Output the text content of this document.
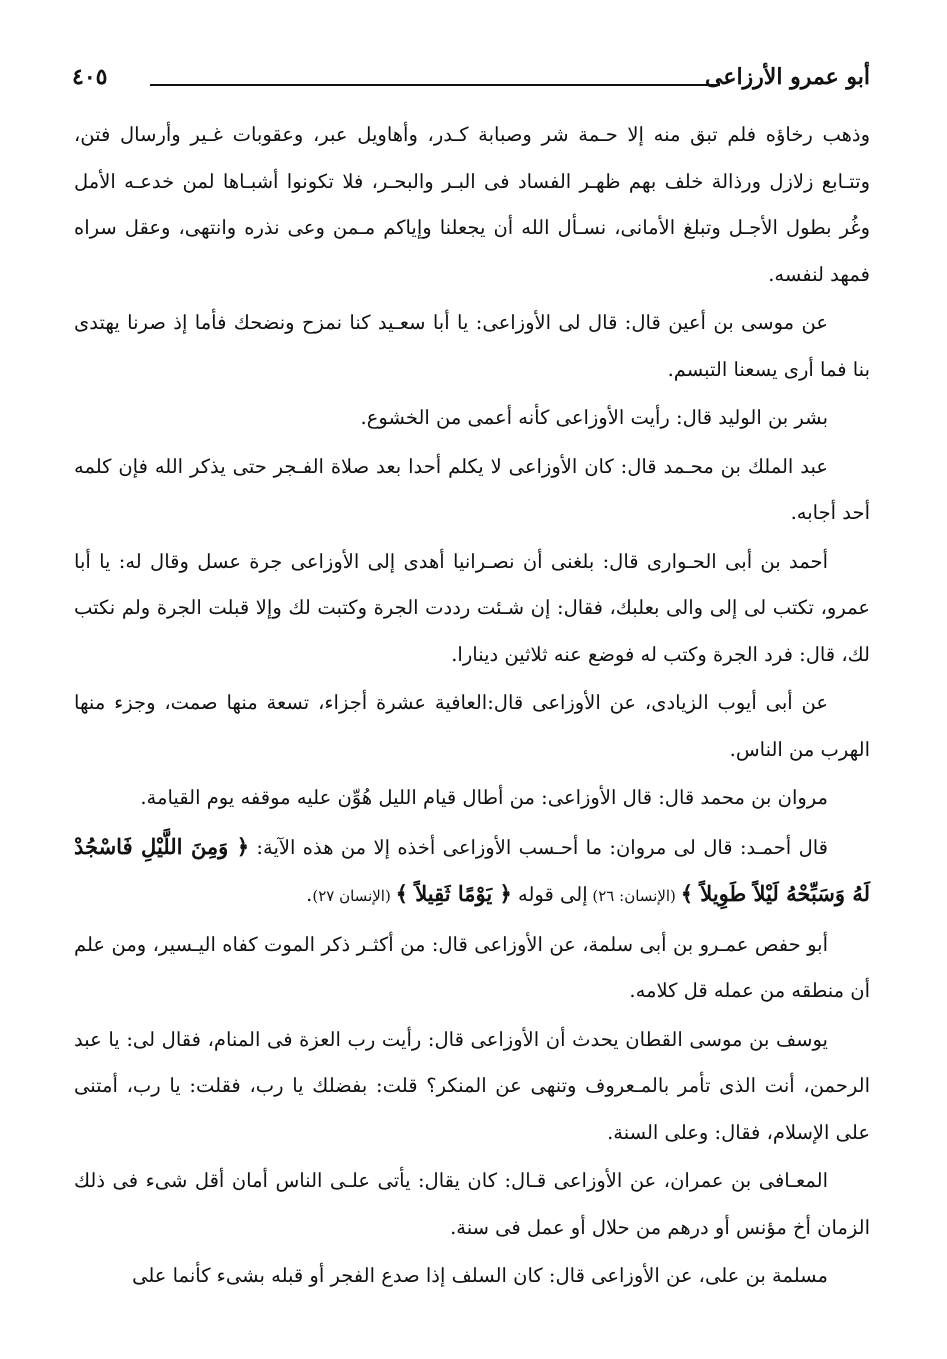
أبو عمرو الأرزاعى
٤٠٥

وذهب رخاؤه فلم تبق منه إلا حـمة شر وصبابة كـدر، وأهاويل عبر، وعقوبات غـير وأرسال فتن، وتتـابع زلازل ورذالة خلف بهم ظهـر الفساد فى البـر والبحـر، فلا تكونوا أشبـاها لمن خدعـه الأمل وغُر بطول الأجـل وتبلغ الأمانى، نسـأل الله أن يجعلنا وإياكم مـمن وعى نذره وانتهى، وعقل سراه فمهد لنفسه.

عن موسى بن أعين قال: قال لى الأوزاعى: يا أبا سعـيد كنا نمزح ونضحك فأما إذ صرنا يهتدى بنا فما أرى يسعنا التبسم.

بشر بن الوليد قال: رأيت الأوزاعى كأنه أعمى من الخشوع.

عبد الملك بن محـمد قال: كان الأوزاعى لا يكلم أحدا بعد صلاة الفـجر حتى يذكر الله فإن كلمه أحد أجابه.

أحمد بن أبى الحـوارى قال: بلغنى أن نصـرانيا أهدى إلى الأوزاعى جرة عسل وقال له: يا أبا عمرو، تكتب لى إلى والى بعلبك، فقال: إن شـئت رددت الجرة وكتبت لك وإلا قبلت الجرة ولم نكتب لك، قال: فرد الجرة وكتب له فوضع عنه ثلاثين دينارا.

عن أبى أيوب الزيادى، عن الأوزاعى قال:العافية عشرة أجزاء، تسعة منها صمت، وجزء منها الهرب من الناس.

مروان بن محمد قال: قال الأوزاعى: من أطال قيام الليل هُوِّن عليه موقفه يوم القيامة.

قال أحمـد: قال لى مروان: ما أحـسب الأوزاعى أخذه إلا من هذه الآية: ﴿ وَمِنَ اللَّيْلِ فَاسْجُدْ لَهُ وَسَبِّحْهُ لَيْلاً طَوِيلاً ﴾ (الإنسان: ٢٦) إلى قوله ﴿ يَوْمًا ثَقِيلاً ﴾ (الإنسان ٢٧).

أبو حفص عمـرو بن أبى سلمة، عن الأوزاعى قال: من أكثـر ذكر الموت كفاه اليـسير، ومن علم أن منطقه من عمله قل كلامه.

يوسف بن موسى القطان يحدث أن الأوزاعى قال: رأيت رب العزة فى المنام، فقال لى: يا عبد الرحمن، أنت الذى تأمر بالمـعروف وتنهى عن المنكر؟ قلت: بفضلك يا رب، فقلت: يا رب، أمتنى على الإسلام، فقال: وعلى السنة.

المعـافى بن عمران، عن الأوزاعى قـال: كان يقال: يأتى علـى الناس أمان أقل شىء فى ذلك الزمان أخ مؤنس أو درهم من حلال أو عمل فى سنة.

مسلمة بن على، عن الأوزاعى قال: كان السلف إذا صدع الفجر أو قبله بشىء كأنما على
